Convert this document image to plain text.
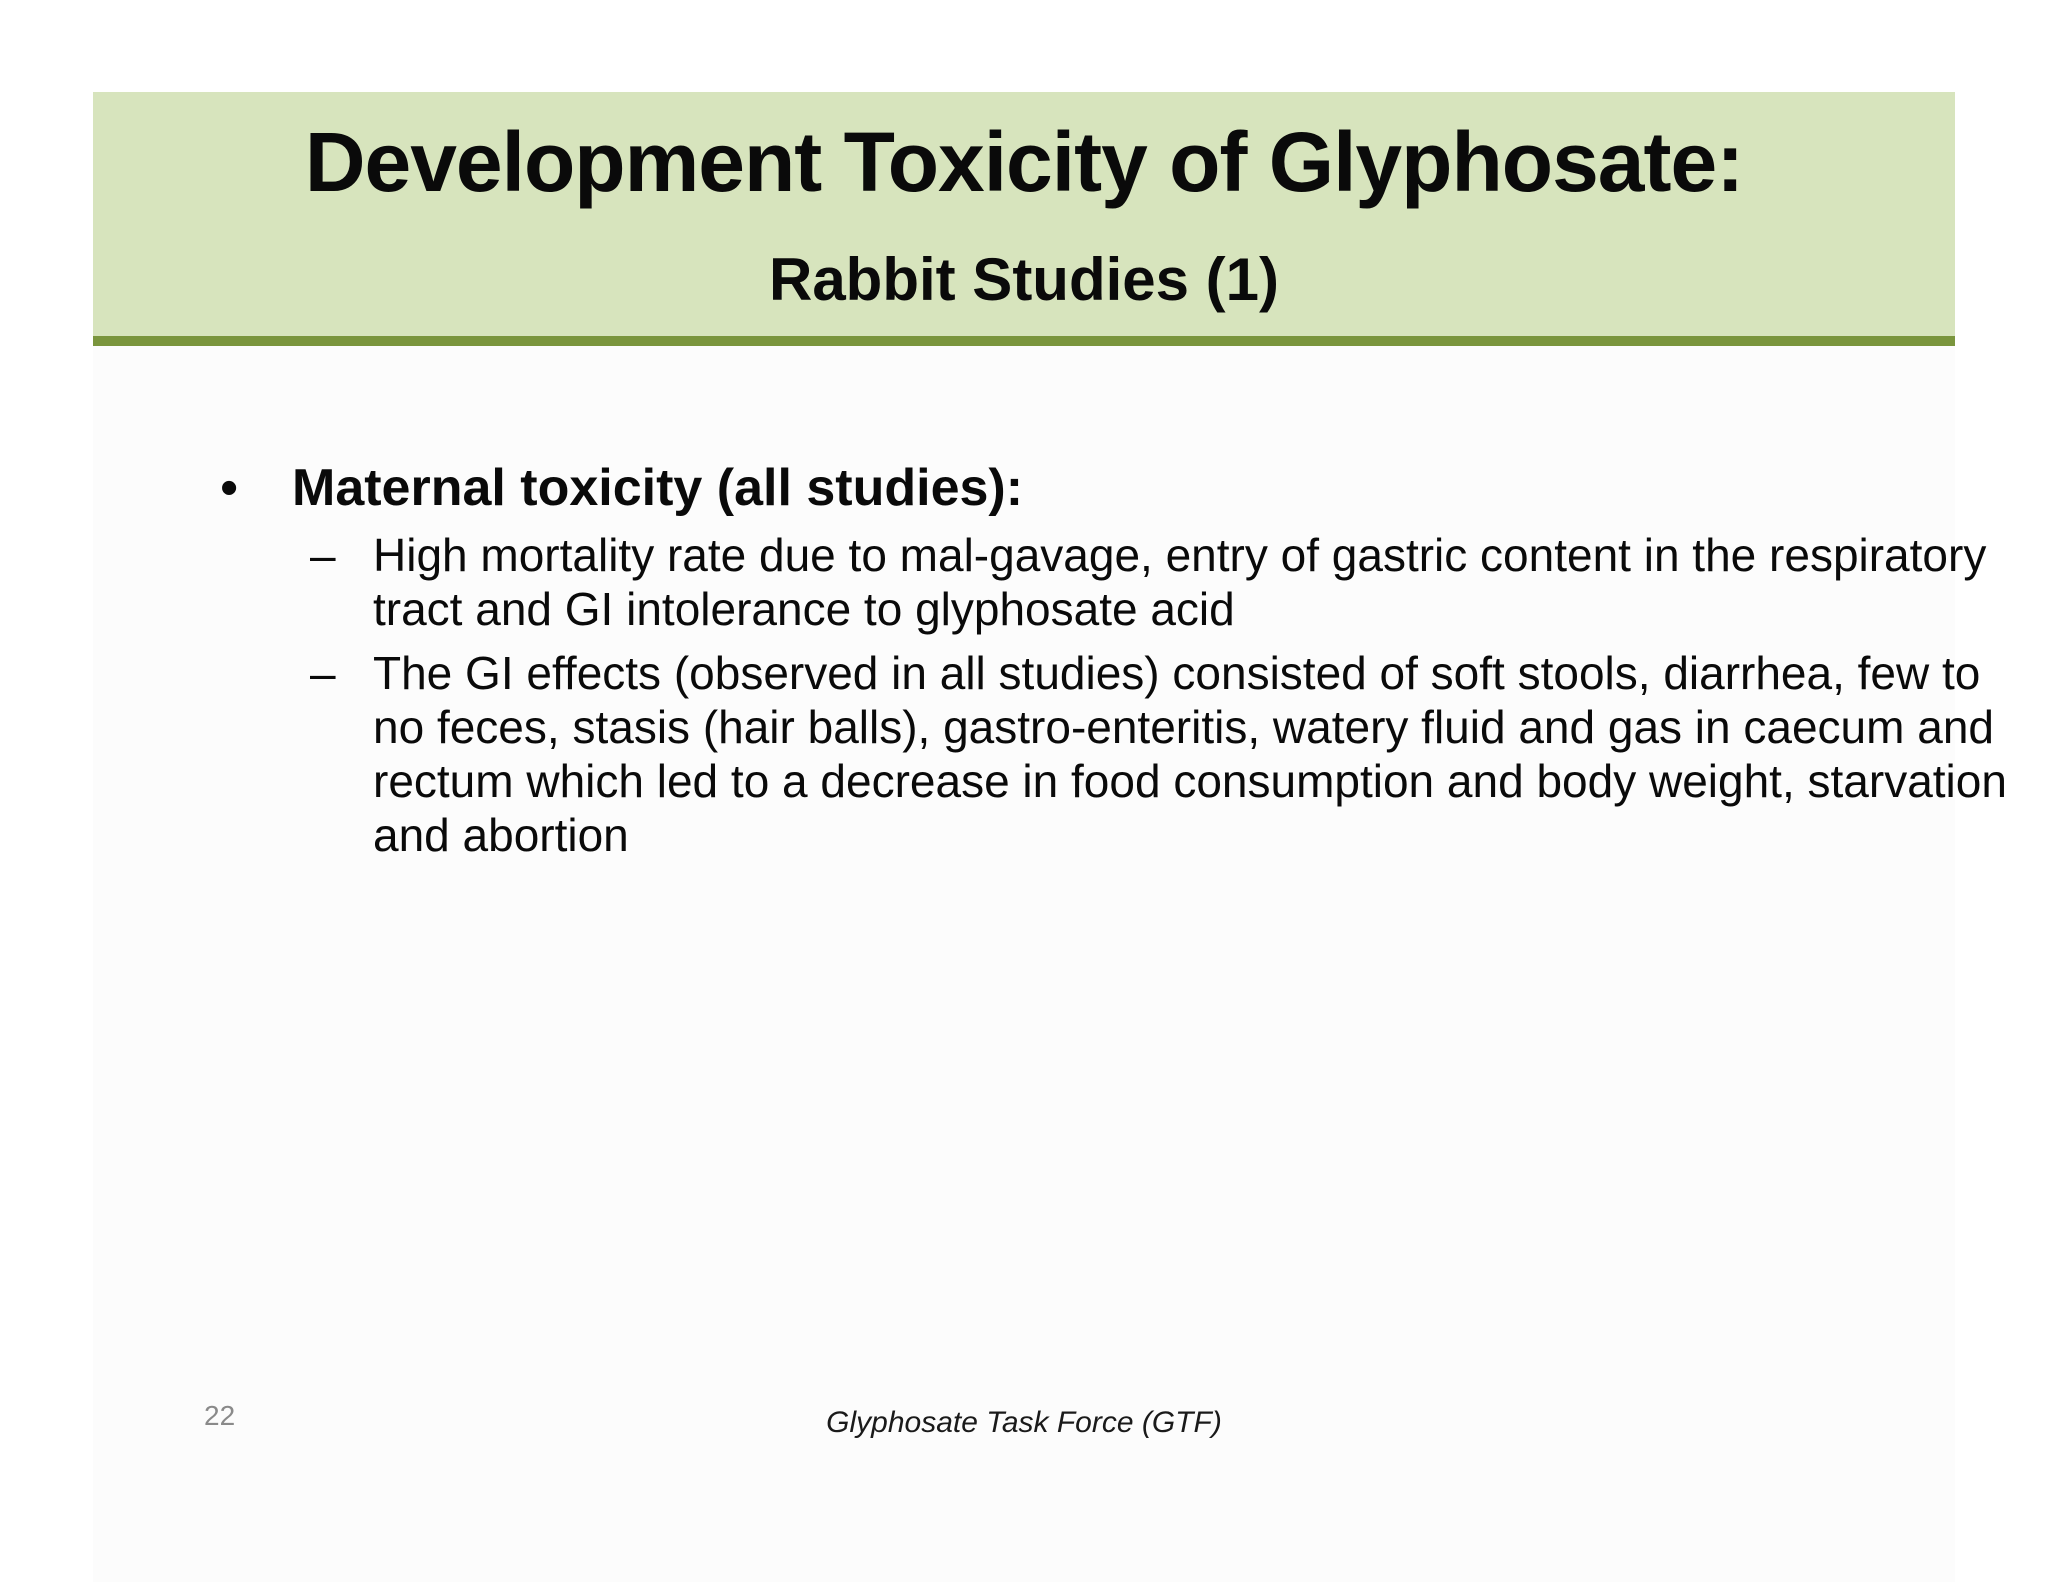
Development Toxicity of Glyphosate:
Rabbit Studies (1)
• Maternal toxicity (all studies):
– High mortality rate due to mal-gavage, entry of gastric content in the respiratory tract and GI intolerance to glyphosate acid
– The GI effects (observed in all studies) consisted of soft stools, diarrhea, few to no feces, stasis (hair balls), gastro-enteritis, watery fluid and gas in caecum and rectum which led to a decrease in food consumption and body weight, starvation and abortion
22	Glyphosate Task Force (GTF)
